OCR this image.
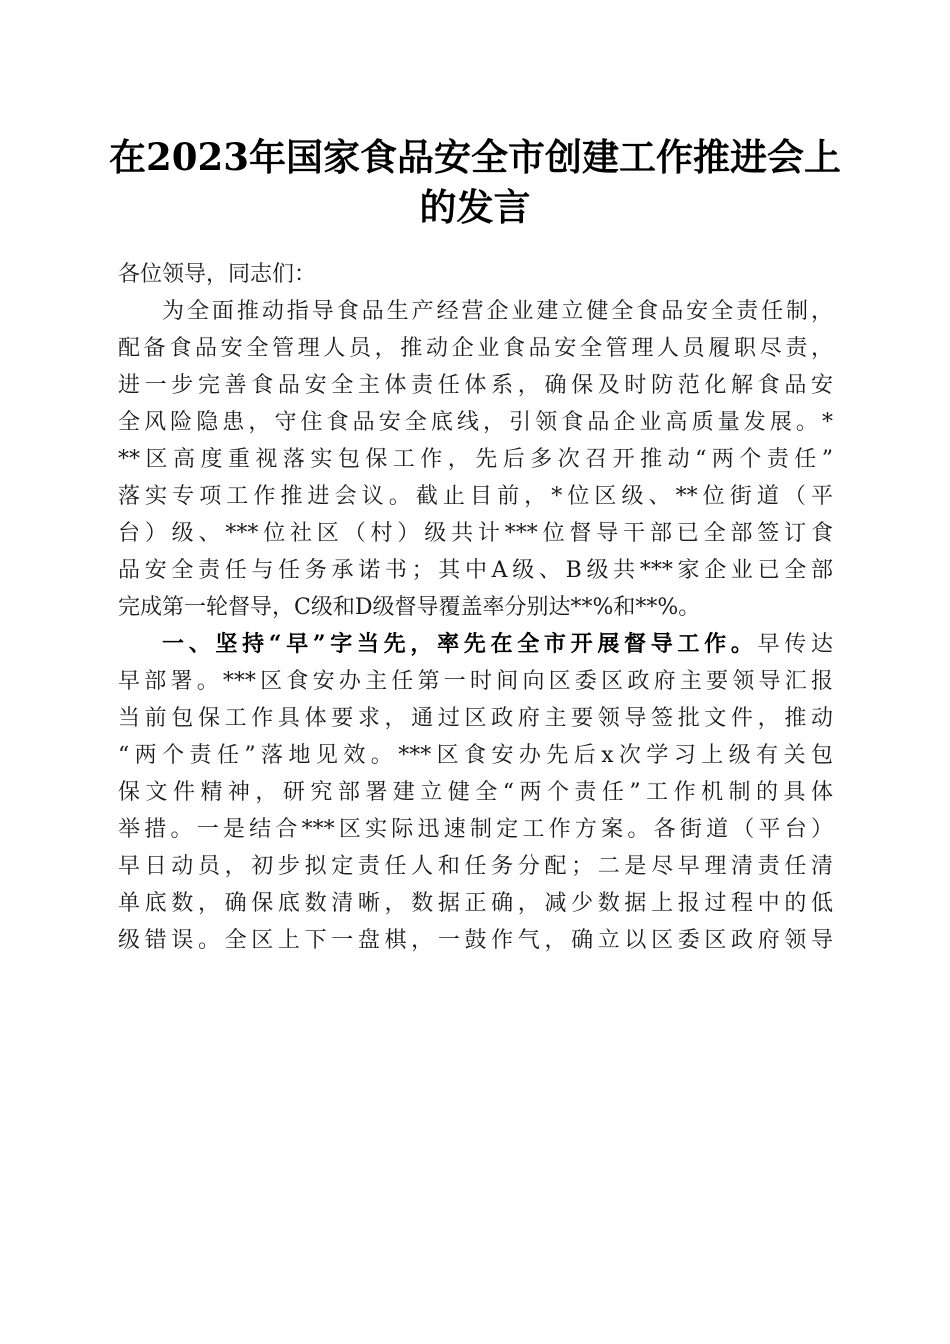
在2023年国家食品安全市创建工作推进会上
的发言
各位领导，同志们：
为全面推动指导食品生产经营企业建立健全食品安全责任制，
配备食品安全管理人员，推动企业食品安全管理人员履职尽责，
进一步完善食品安全主体责任体系，确保及时防范化解食品安
全风险隐患，守住食品安全底线，引领食品企业高质量发展。*
**区高度重视落实包保工作，先后多次召开推动“两个责任”
落实专项工作推进会议。截止目前，*位区级、**位街道（平
台）级、***位社区（村）级共计***位督导干部已全部签订食
品安全责任与任务承诺书；其中A级、B级共***家企业已全部
完成第一轮督导，C级和D级督导覆盖率分别达**%和**%。
一、坚持“早”字当先，率先在全市开展督导工作。早传达
早部署。***区食安办主任第一时间向区委区政府主要领导汇报
当前包保工作具体要求，通过区政府主要领导签批文件，推动
“两个责任”落地见效。***区食安办先后x次学习上级有关包
保文件精神，研究部署建立健全“两个责任”工作机制的具体
举措。一是结合***区实际迅速制定工作方案。各街道（平台）
早日动员，初步拟定责任人和任务分配；二是尽早理清责任清
单底数，确保底数清晰，数据正确，减少数据上报过程中的低
级错误。全区上下一盘棋，一鼓作气，确立以区委区政府领导
